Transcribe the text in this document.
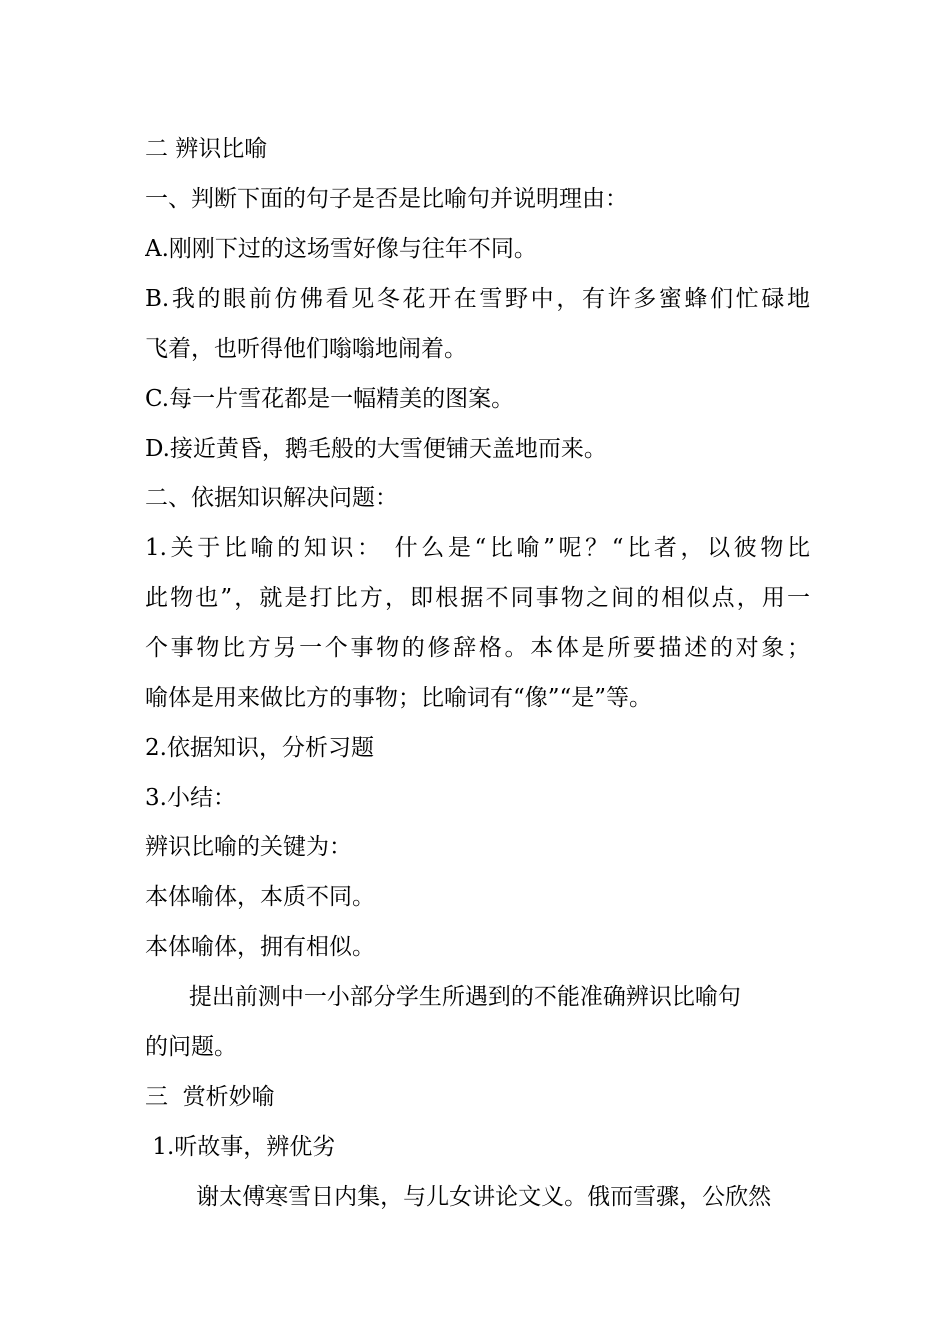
二 辨识比喻
一、判断下面的句子是否是比喻句并说明理由：
A.刚刚下过的这场雪好像与往年不同。
B.我的眼前仿佛看见冬花开在雪野中，有许多蜜蜂们忙碌地
飞着，也听得他们嗡嗡地闹着。
C.每一片雪花都是一幅精美的图案。
D.接近黄昏，鹅毛般的大雪便铺天盖地而来。
二、依据知识解决问题：
1.关于比喻的知识： 什么是“比喻”呢？“比者，以彼物比
此物也”，就是打比方，即根据不同事物之间的相似点，用一
个事物比方另一个事物的修辞格。本体是所要描述的对象；
喻体是用来做比方的事物；比喻词有“像”“是”等。
2.依据知识，分析习题
3.小结：
辨识比喻的关键为：
本体喻体，本质不同。
本体喻体，拥有相似。
提出前测中一小部分学生所遇到的不能准确辨识比喻句
的问题。
三  赏析妙喻
1.听故事，辨优劣
谢太傅寒雪日内集，与儿女讲论文义。俄而雪骤，公欣然
